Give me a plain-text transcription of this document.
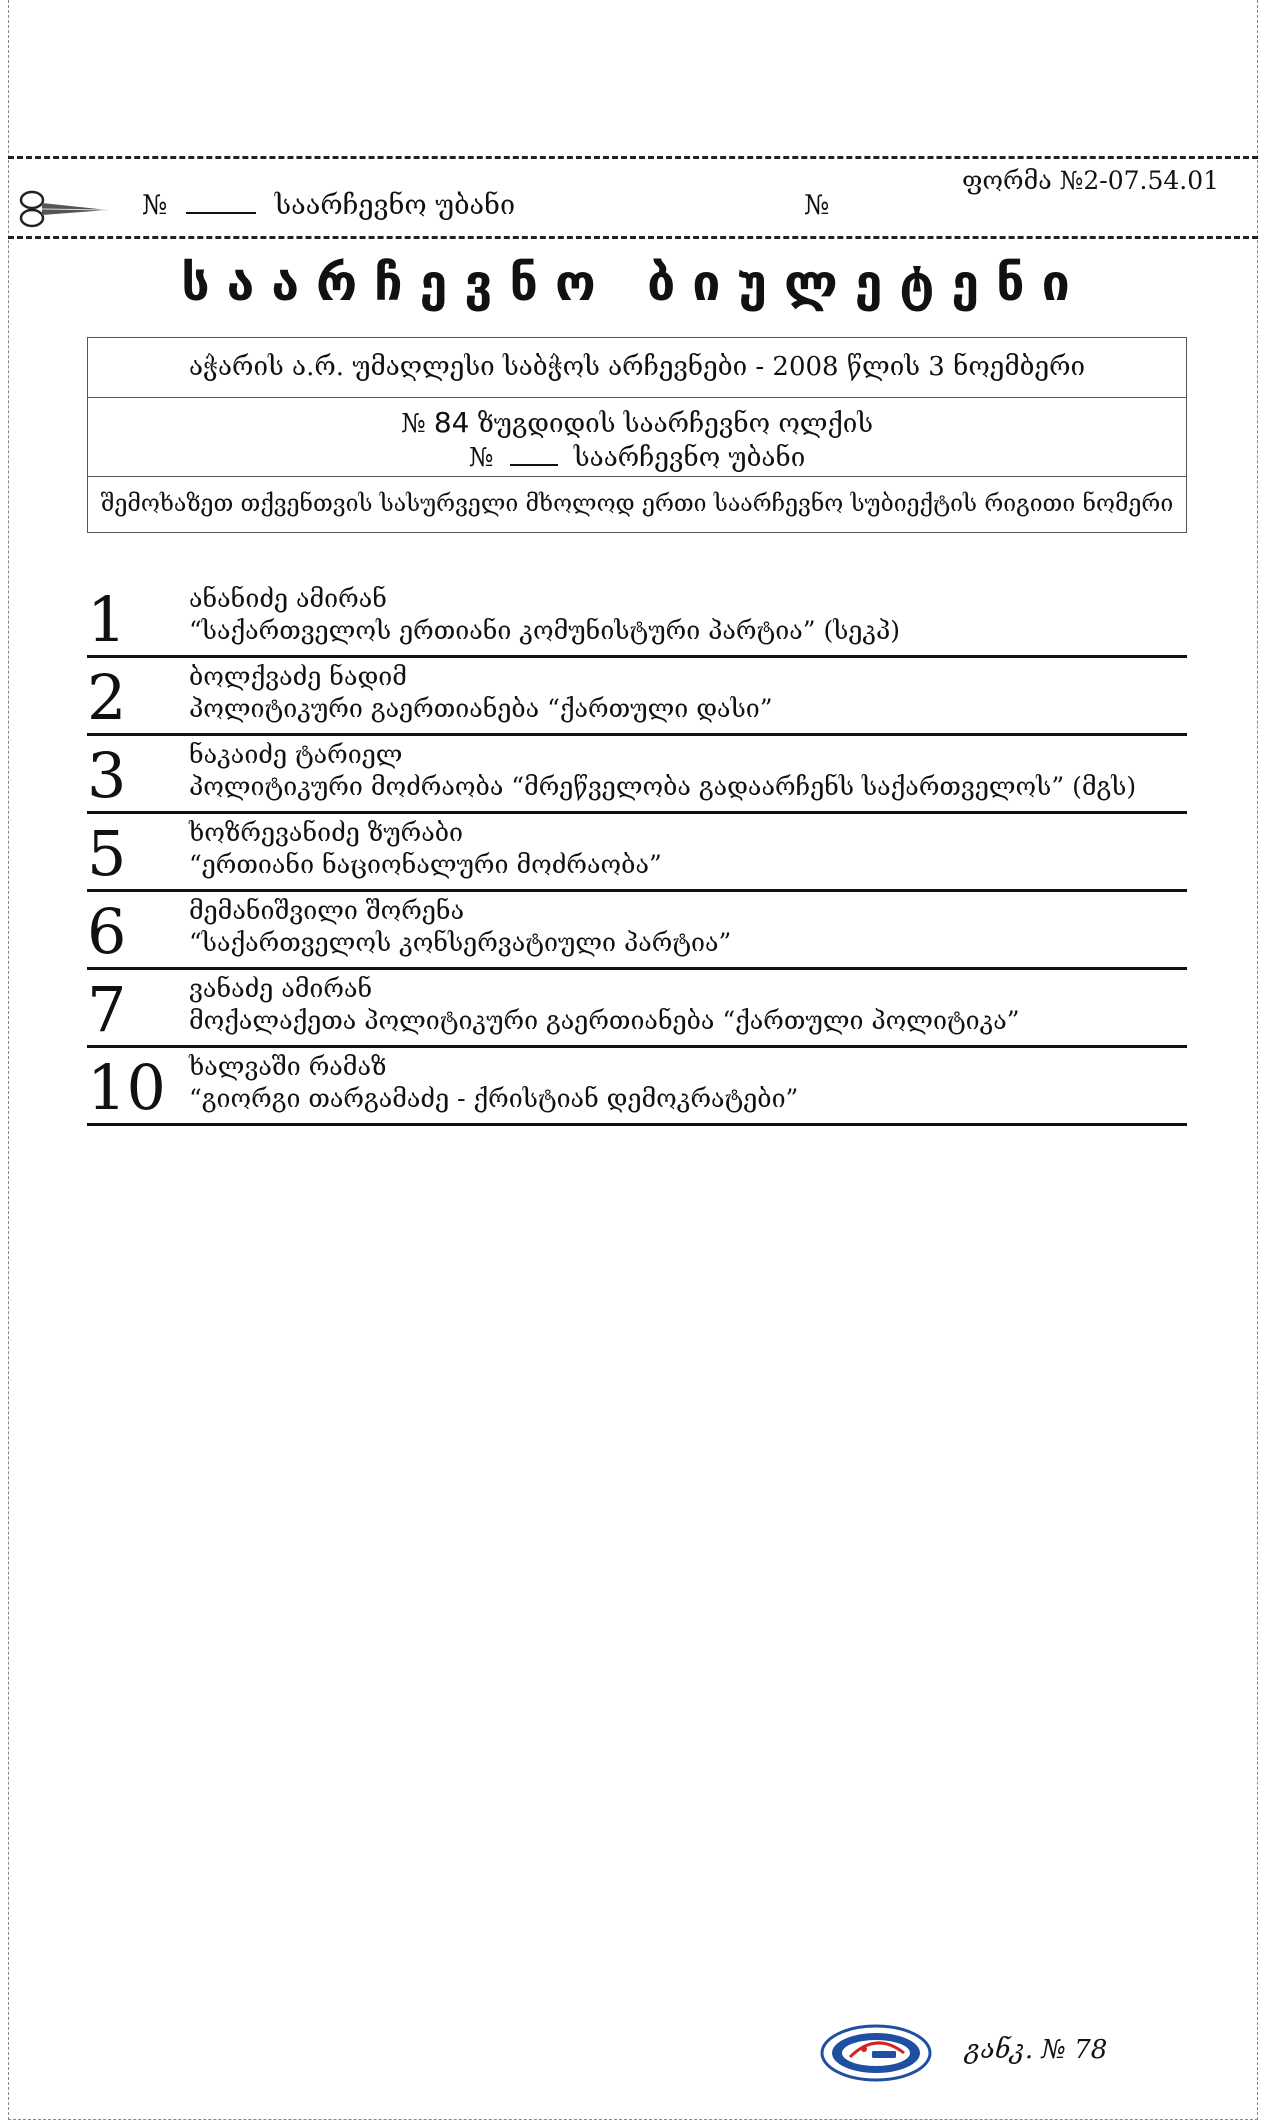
№	საარჩევნო უბანი	№
ფორმა №2-07.54.01
საარჩევნო ბიულეტენი
აჭარის ა.რ. უმაღლესი საბჭოს არჩევნები - 2008 წლის 3 ნოემბერი
№ 84 ზუგდიდის საარჩევნო ოლქის
№	საარჩევნო უბანი
შემოხაზეთ თქვენთვის სასურველი მხოლოდ ერთი საარჩევნო სუბიექტის რიგითი ნომერი
1	ანანიძე ამირან
“საქართველოს ერთიანი კომუნისტური პარტია” (სეკპ)
2	ბოლქვაძე ნადიმ
პოლიტიკური გაერთიანება “ქართული დასი”
3	ნაკაიძე ტარიელ
პოლიტიკური მოძრაობა “მრეწველობა გადაარჩენს საქართველოს” (მგს)
5	ხოზრევანიძე ზურაბი
“ერთიანი ნაციონალური მოძრაობა”
6	მემანიშვილი შორენა
“საქართველოს კონსერვატიული პარტია”
7	ვანაძე ამირან
მოქალაქეთა პოლიტიკური გაერთიანება “ქართული პოლიტიკა”
10 ხალვაში რამაზ
“გიორგი თარგამაძე - ქრისტიან დემოკრატები”
განკ. № 78
